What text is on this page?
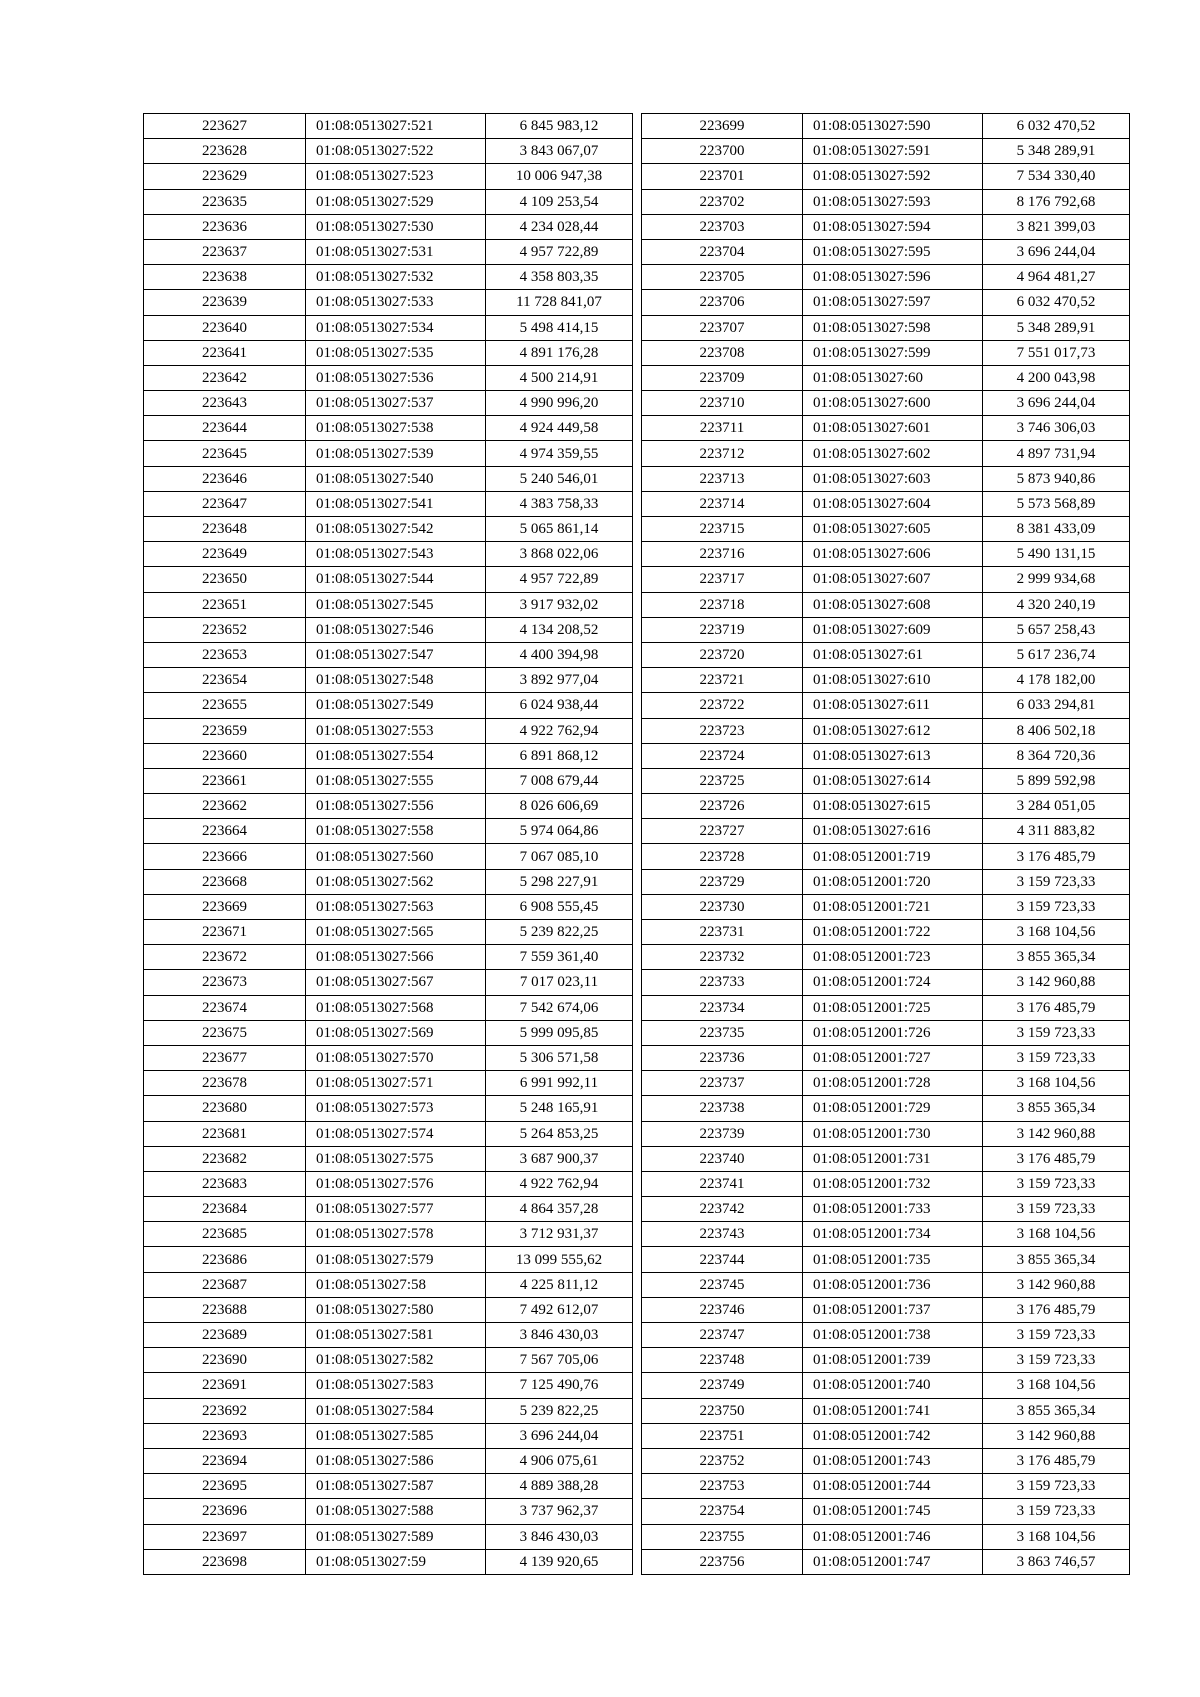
223627	01:08:0513027:521	6 845 983,12
223628	01:08:0513027:522	3 843 067,07
223629	01:08:0513027:523	10 006 947,38
223635	01:08:0513027:529	4 109 253,54
223636	01:08:0513027:530	4 234 028,44
223637	01:08:0513027:531	4 957 722,89
223638	01:08:0513027:532	4 358 803,35
223639	01:08:0513027:533	11 728 841,07
223640	01:08:0513027:534	5 498 414,15
223641	01:08:0513027:535	4 891 176,28
223642	01:08:0513027:536	4 500 214,91
223643	01:08:0513027:537	4 990 996,20
223644	01:08:0513027:538	4 924 449,58
223645	01:08:0513027:539	4 974 359,55
223646	01:08:0513027:540	5 240 546,01
223647	01:08:0513027:541	4 383 758,33
223648	01:08:0513027:542	5 065 861,14
223649	01:08:0513027:543	3 868 022,06
223650	01:08:0513027:544	4 957 722,89
223651	01:08:0513027:545	3 917 932,02
223652	01:08:0513027:546	4 134 208,52
223653	01:08:0513027:547	4 400 394,98
223654	01:08:0513027:548	3 892 977,04
223655	01:08:0513027:549	6 024 938,44
223659	01:08:0513027:553	4 922 762,94
223660	01:08:0513027:554	6 891 868,12
223661	01:08:0513027:555	7 008 679,44
223662	01:08:0513027:556	8 026 606,69
223664	01:08:0513027:558	5 974 064,86
223666	01:08:0513027:560	7 067 085,10
223668	01:08:0513027:562	5 298 227,91
223669	01:08:0513027:563	6 908 555,45
223671	01:08:0513027:565	5 239 822,25
223672	01:08:0513027:566	7 559 361,40
223673	01:08:0513027:567	7 017 023,11
223674	01:08:0513027:568	7 542 674,06
223675	01:08:0513027:569	5 999 095,85
223677	01:08:0513027:570	5 306 571,58
223678	01:08:0513027:571	6 991 992,11
223680	01:08:0513027:573	5 248 165,91
223681	01:08:0513027:574	5 264 853,25
223682	01:08:0513027:575	3 687 900,37
223683	01:08:0513027:576	4 922 762,94
223684	01:08:0513027:577	4 864 357,28
223685	01:08:0513027:578	3 712 931,37
223686	01:08:0513027:579	13 099 555,62
223687	01:08:0513027:58	4 225 811,12
223688	01:08:0513027:580	7 492 612,07
223689	01:08:0513027:581	3 846 430,03
223690	01:08:0513027:582	7 567 705,06
223691	01:08:0513027:583	7 125 490,76
223692	01:08:0513027:584	5 239 822,25
223693	01:08:0513027:585	3 696 244,04
223694	01:08:0513027:586	4 906 075,61
223695	01:08:0513027:587	4 889 388,28
223696	01:08:0513027:588	3 737 962,37
223697	01:08:0513027:589	3 846 430,03
223698	01:08:0513027:59	4 139 920,65
223699	01:08:0513027:590	6 032 470,52
223700	01:08:0513027:591	5 348 289,91
223701	01:08:0513027:592	7 534 330,40
223702	01:08:0513027:593	8 176 792,68
223703	01:08:0513027:594	3 821 399,03
223704	01:08:0513027:595	3 696 244,04
223705	01:08:0513027:596	4 964 481,27
223706	01:08:0513027:597	6 032 470,52
223707	01:08:0513027:598	5 348 289,91
223708	01:08:0513027:599	7 551 017,73
223709	01:08:0513027:60	4 200 043,98
223710	01:08:0513027:600	3 696 244,04
223711	01:08:0513027:601	3 746 306,03
223712	01:08:0513027:602	4 897 731,94
223713	01:08:0513027:603	5 873 940,86
223714	01:08:0513027:604	5 573 568,89
223715	01:08:0513027:605	8 381 433,09
223716	01:08:0513027:606	5 490 131,15
223717	01:08:0513027:607	2 999 934,68
223718	01:08:0513027:608	4 320 240,19
223719	01:08:0513027:609	5 657 258,43
223720	01:08:0513027:61	5 617 236,74
223721	01:08:0513027:610	4 178 182,00
223722	01:08:0513027:611	6 033 294,81
223723	01:08:0513027:612	8 406 502,18
223724	01:08:0513027:613	8 364 720,36
223725	01:08:0513027:614	5 899 592,98
223726	01:08:0513027:615	3 284 051,05
223727	01:08:0513027:616	4 311 883,82
223728	01:08:0512001:719	3 176 485,79
223729	01:08:0512001:720	3 159 723,33
223730	01:08:0512001:721	3 159 723,33
223731	01:08:0512001:722	3 168 104,56
223732	01:08:0512001:723	3 855 365,34
223733	01:08:0512001:724	3 142 960,88
223734	01:08:0512001:725	3 176 485,79
223735	01:08:0512001:726	3 159 723,33
223736	01:08:0512001:727	3 159 723,33
223737	01:08:0512001:728	3 168 104,56
223738	01:08:0512001:729	3 855 365,34
223739	01:08:0512001:730	3 142 960,88
223740	01:08:0512001:731	3 176 485,79
223741	01:08:0512001:732	3 159 723,33
223742	01:08:0512001:733	3 159 723,33
223743	01:08:0512001:734	3 168 104,56
223744	01:08:0512001:735	3 855 365,34
223745	01:08:0512001:736	3 142 960,88
223746	01:08:0512001:737	3 176 485,79
223747	01:08:0512001:738	3 159 723,33
223748	01:08:0512001:739	3 159 723,33
223749	01:08:0512001:740	3 168 104,56
223750	01:08:0512001:741	3 855 365,34
223751	01:08:0512001:742	3 142 960,88
223752	01:08:0512001:743	3 176 485,79
223753	01:08:0512001:744	3 159 723,33
223754	01:08:0512001:745	3 159 723,33
223755	01:08:0512001:746	3 168 104,56
223756	01:08:0512001:747	3 863 746,57
